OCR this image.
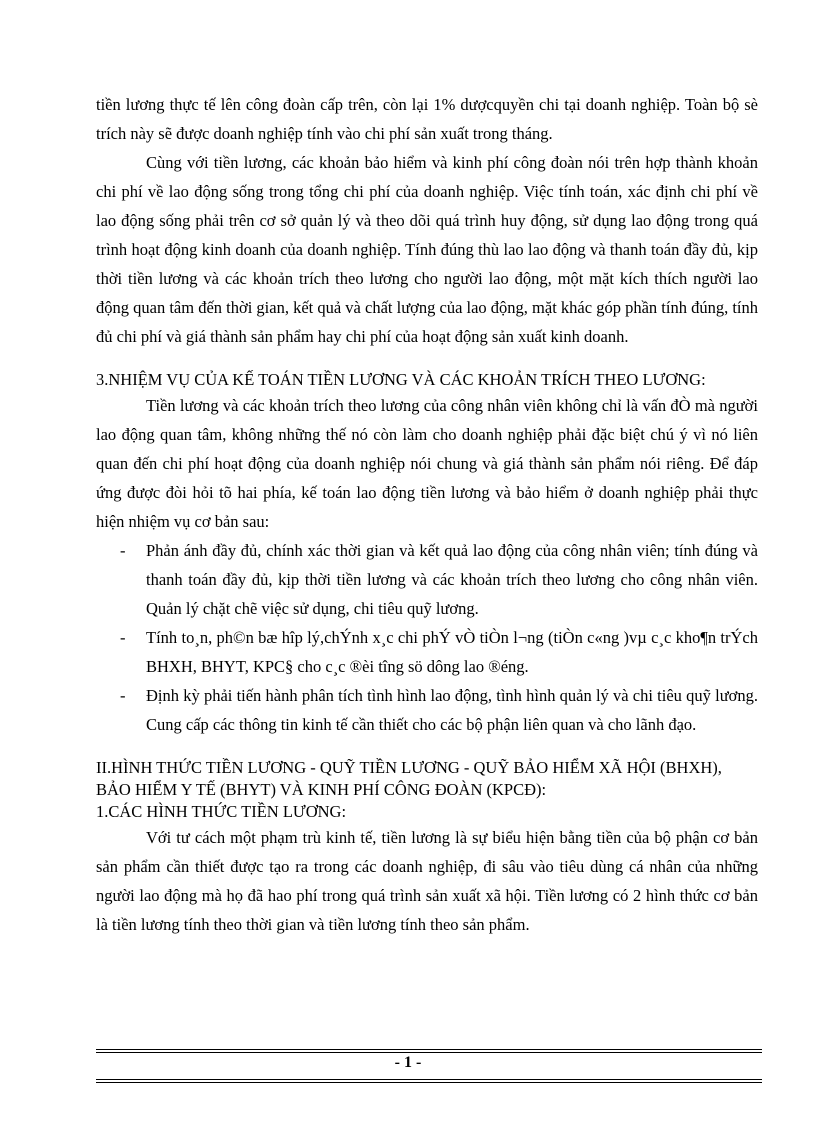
tiền lương thực tế lên công đoàn cấp trên, còn lại 1% dượcquyền chi tại doanh nghiệp. Toàn bộ sè trích này sẽ được doanh nghiệp tính vào chi phí sản xuất trong tháng.

Cùng với tiền lương, các khoản bảo hiểm và kinh phí công đoàn nói trên hợp thành khoản chi phí về lao động sống trong tổng chi phí của doanh nghiệp. Việc tính toán, xác định chi phí về lao động sống phải trên cơ sở quản lý và theo dõi quá trình huy động, sử dụng lao động trong quá trình hoạt động kinh doanh của doanh nghiệp. Tính đúng thù lao lao động và thanh toán đầy đủ, kịp thời tiền lương và các khoản trích theo lương cho người lao động, một mặt kích thích người lao động quan tâm đến thời gian, kết quả và chất lượng của lao động, mặt khác góp phần tính đúng, tính đủ chi phí và giá thành sản phẩm hay chi phí của hoạt động sản xuất kinh doanh.

3.NHIỆM VỤ CỦA KẾ TOÁN TIỀN LƯƠNG VÀ CÁC KHOẢN TRÍCH THEO LƯƠNG:

Tiền lương và các khoản trích theo lương của công nhân viên không chỉ là vấn đÒ mà người lao động quan tâm, không những thế nó còn làm cho doanh nghiệp phải đặc biệt chú ý vì nó liên quan đến chi phí hoạt động của doanh nghiệp nói chung và giá thành sản phẩm nói riêng. Để đáp ứng được đòi hỏi tõ hai phía, kế toán lao động tiền lương và bảo hiểm ở doanh nghiệp phải thực hiện nhiệm vụ cơ bản sau:

- Phản ánh đầy đủ, chính xác thời gian và kết quả lao động của công nhân viên; tính đúng và thanh toán đầy đủ, kịp thời tiền lương và các khoản trích theo lương cho công nhân viên. Quản lý chặt chẽ việc sử dụng, chi tiêu quỹ lương.

- Tính to¸n, ph©n bæ hîp lý,chÝnh x¸c chi phÝ vÒ tiÒn l¬ng (tiÒn c«ng )vµ c¸c kho¶n trÝch BHXH, BHYT, KPC§ cho c¸c ®èi tîng sö dông lao ®éng.

- Định kỳ phải tiến hành phân tích tình hình lao động, tình hình quản lý và chi tiêu quỹ lương. Cung cấp các thông tin kinh tế cần thiết cho các bộ phận liên quan và cho lãnh đạo.

II.HÌNH THỨC TIỀN LƯƠNG - QUỸ TIỀN LƯƠNG - QUỸ BẢO HIỂM XÃ HỘI (BHXH), BẢO HIỂM Y TẾ (BHYT) VÀ KINH PHÍ CÔNG ĐOÀN (KPCĐ):
1.CÁC HÌNH THỨC TIỀN LƯƠNG:

Với tư cách một phạm trù kinh tế, tiền lương là sự biểu hiện bằng tiền của bộ phận cơ bản sản phẩm cần thiết được tạo ra trong các doanh nghiệp, đi sâu vào tiêu dùng cá nhân của những người lao động mà họ đã hao phí trong quá trình sản xuất xã hội. Tiền lương có 2 hình thức cơ bản là tiền lương tính theo thời gian và tiền lương tính theo sản phẩm.

- 1 -
